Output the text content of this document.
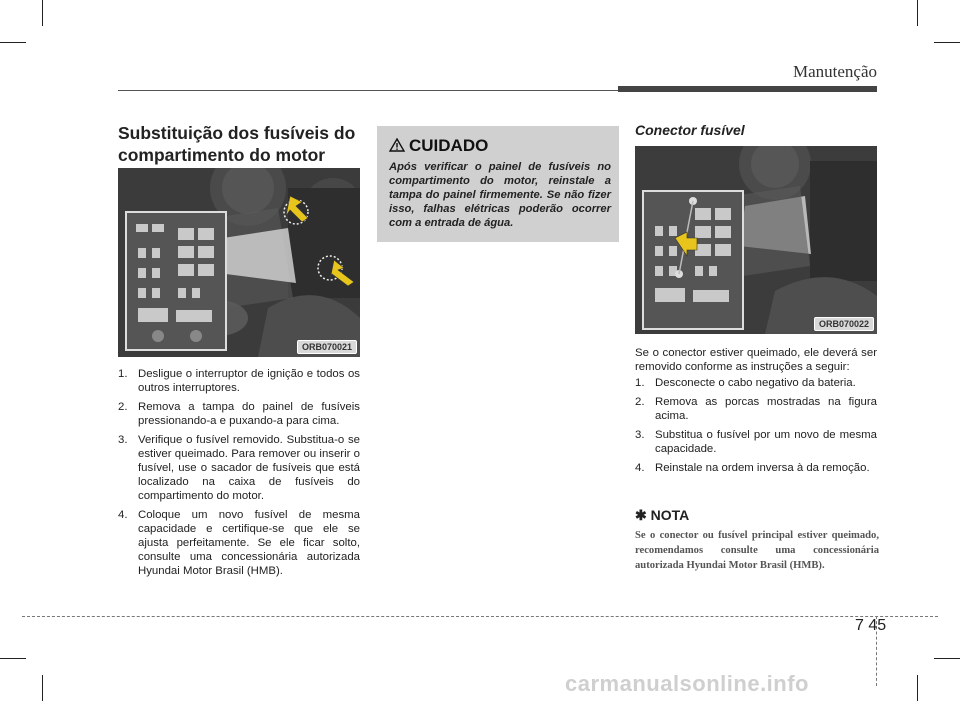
Manutenção
Substituição dos fusíveis do compartimento do motor
ORB070021
1. Desligue o interruptor de ignição e todos os outros interruptores.
2. Remova a tampa do painel de fusíveis pressionando-a e puxando-a para cima.
3. Verifique o fusível removido. Substitua-o se estiver queimado. Para remover ou inserir o fusível, use o sacador de fusíveis que está localizado na caixa de fusíveis do compartimento do motor.
4. Coloque um novo fusível de mesma capacidade e certifique-se que ele se ajusta perfeitamente. Se ele ficar solto, consulte uma concessionária autorizada Hyundai Motor Brasil (HMB).
CUIDADO
Após verificar o painel de fusíveis no compartimento do motor, reinstale a tampa do painel firmemente. Se não fizer isso, falhas elétricas poderão ocorrer com a entrada de água.
Conector fusível
ORB070022
Se o conector estiver queimado, ele deverá ser removido conforme as instruções a seguir:
1. Desconecte o cabo negativo da bateria.
2. Remova as porcas mostradas na figura acima.
3. Substitua o fusível por um novo de mesma capacidade.
4. Reinstale na ordem inversa à da remoção.
✱ NOTA
Se o conector ou fusível principal estiver queimado, recomendamos consulte uma concessionária autorizada Hyundai Motor Brasil (HMB).
7 45
carmanualsonline.info
